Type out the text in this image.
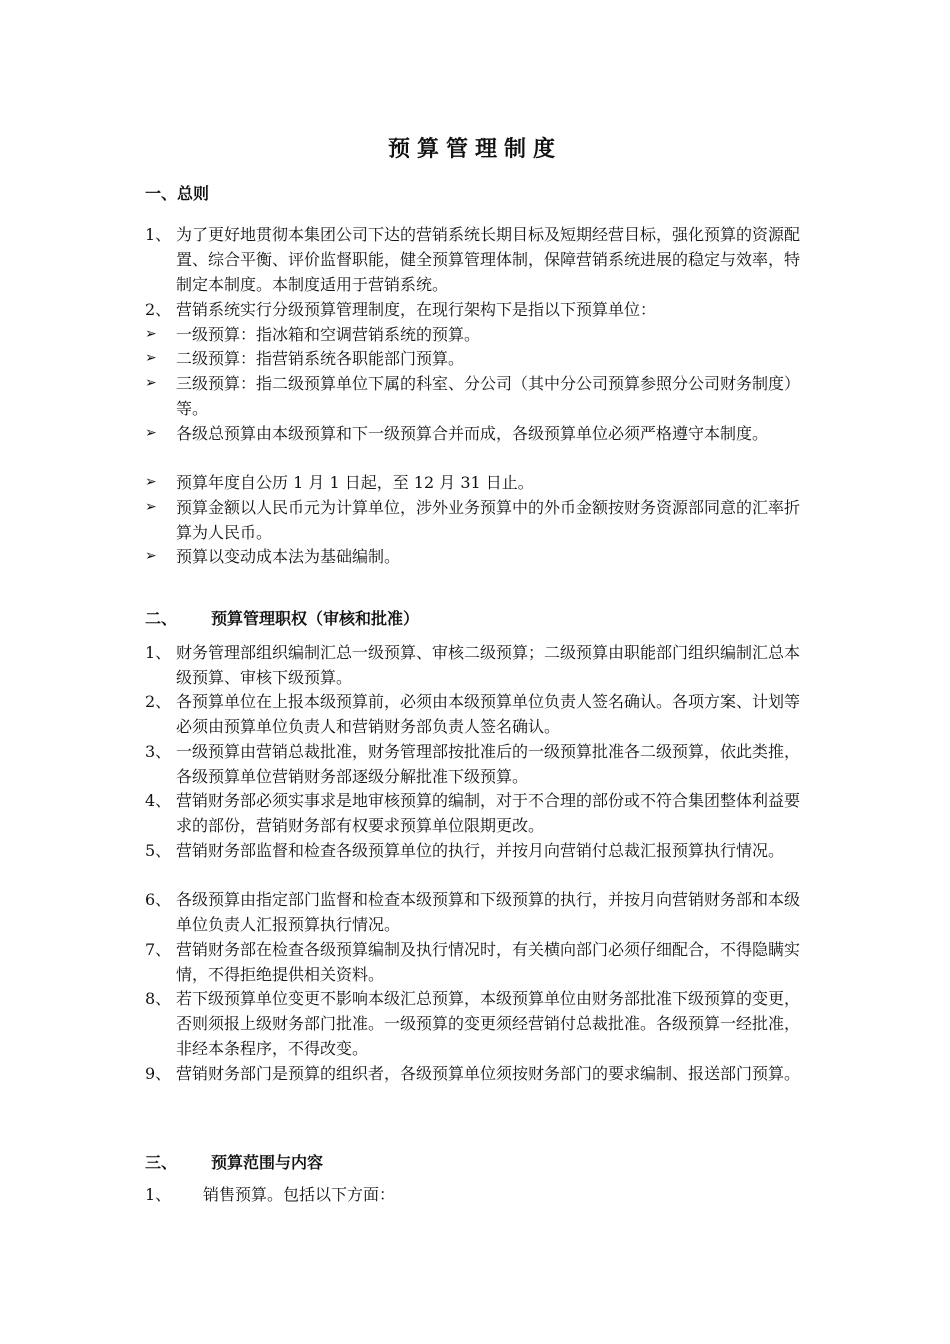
预算管理制度
一、总则
1、 为了更好地贯彻本集团公司下达的营销系统长期目标及短期经营目标，强化预算的资源配置、综合平衡、评价监督职能，健全预算管理体制，保障营销系统进展的稳定与效率，特制定本制度。本制度适用于营销系统。
2、 营销系统实行分级预算管理制度，在现行架构下是指以下预算单位：
➢	一级预算：指冰箱和空调营销系统的预算。
➢	二级预算：指营销系统各职能部门预算。
➢	三级预算：指二级预算单位下属的科室、分公司（其中分公司预算参照分公司财务制度）等。
➢	各级总预算由本级预算和下一级预算合并而成，各级预算单位必须严格遵守本制度。
➢	预算年度自公历 1 月 1 日起，至 12 月 31 日止。
➢	预算金额以人民币元为计算单位，涉外业务预算中的外币金额按财务资源部同意的汇率折算为人民币。
➢	预算以变动成本法为基础编制。
二、 预算管理职权（审核和批准）
1、 财务管理部组织编制汇总一级预算、审核二级预算；二级预算由职能部门组织编制汇总本级预算、审核下级预算。
2、 各预算单位在上报本级预算前，必须由本级预算单位负责人签名确认。各项方案、计划等必须由预算单位负责人和营销财务部负责人签名确认。
3、 一级预算由营销总裁批准，财务管理部按批准后的一级预算批准各二级预算，依此类推，各级预算单位营销财务部逐级分解批准下级预算。
4、 营销财务部必须实事求是地审核预算的编制，对于不合理的部份或不符合集团整体利益要求的部份，营销财务部有权要求预算单位限期更改。
5、 营销财务部监督和检查各级预算单位的执行，并按月向营销付总裁汇报预算执行情况。
6、 各级预算由指定部门监督和检查本级预算和下级预算的执行，并按月向营销财务部和本级单位负责人汇报预算执行情况。
7、 营销财务部在检查各级预算编制及执行情况时，有关横向部门必须仔细配合，不得隐瞒实情，不得拒绝提供相关资料。
8、 若下级预算单位变更不影响本级汇总预算，本级预算单位由财务部批准下级预算的变更，否则须报上级财务部门批准。一级预算的变更须经营销付总裁批准。各级预算一经批准，非经本条程序，不得改变。
9、 营销财务部门是预算的组织者，各级预算单位须按财务部门的要求编制、报送部门预算。
三、 预算范围与内容
1、	销售预算。包括以下方面：
